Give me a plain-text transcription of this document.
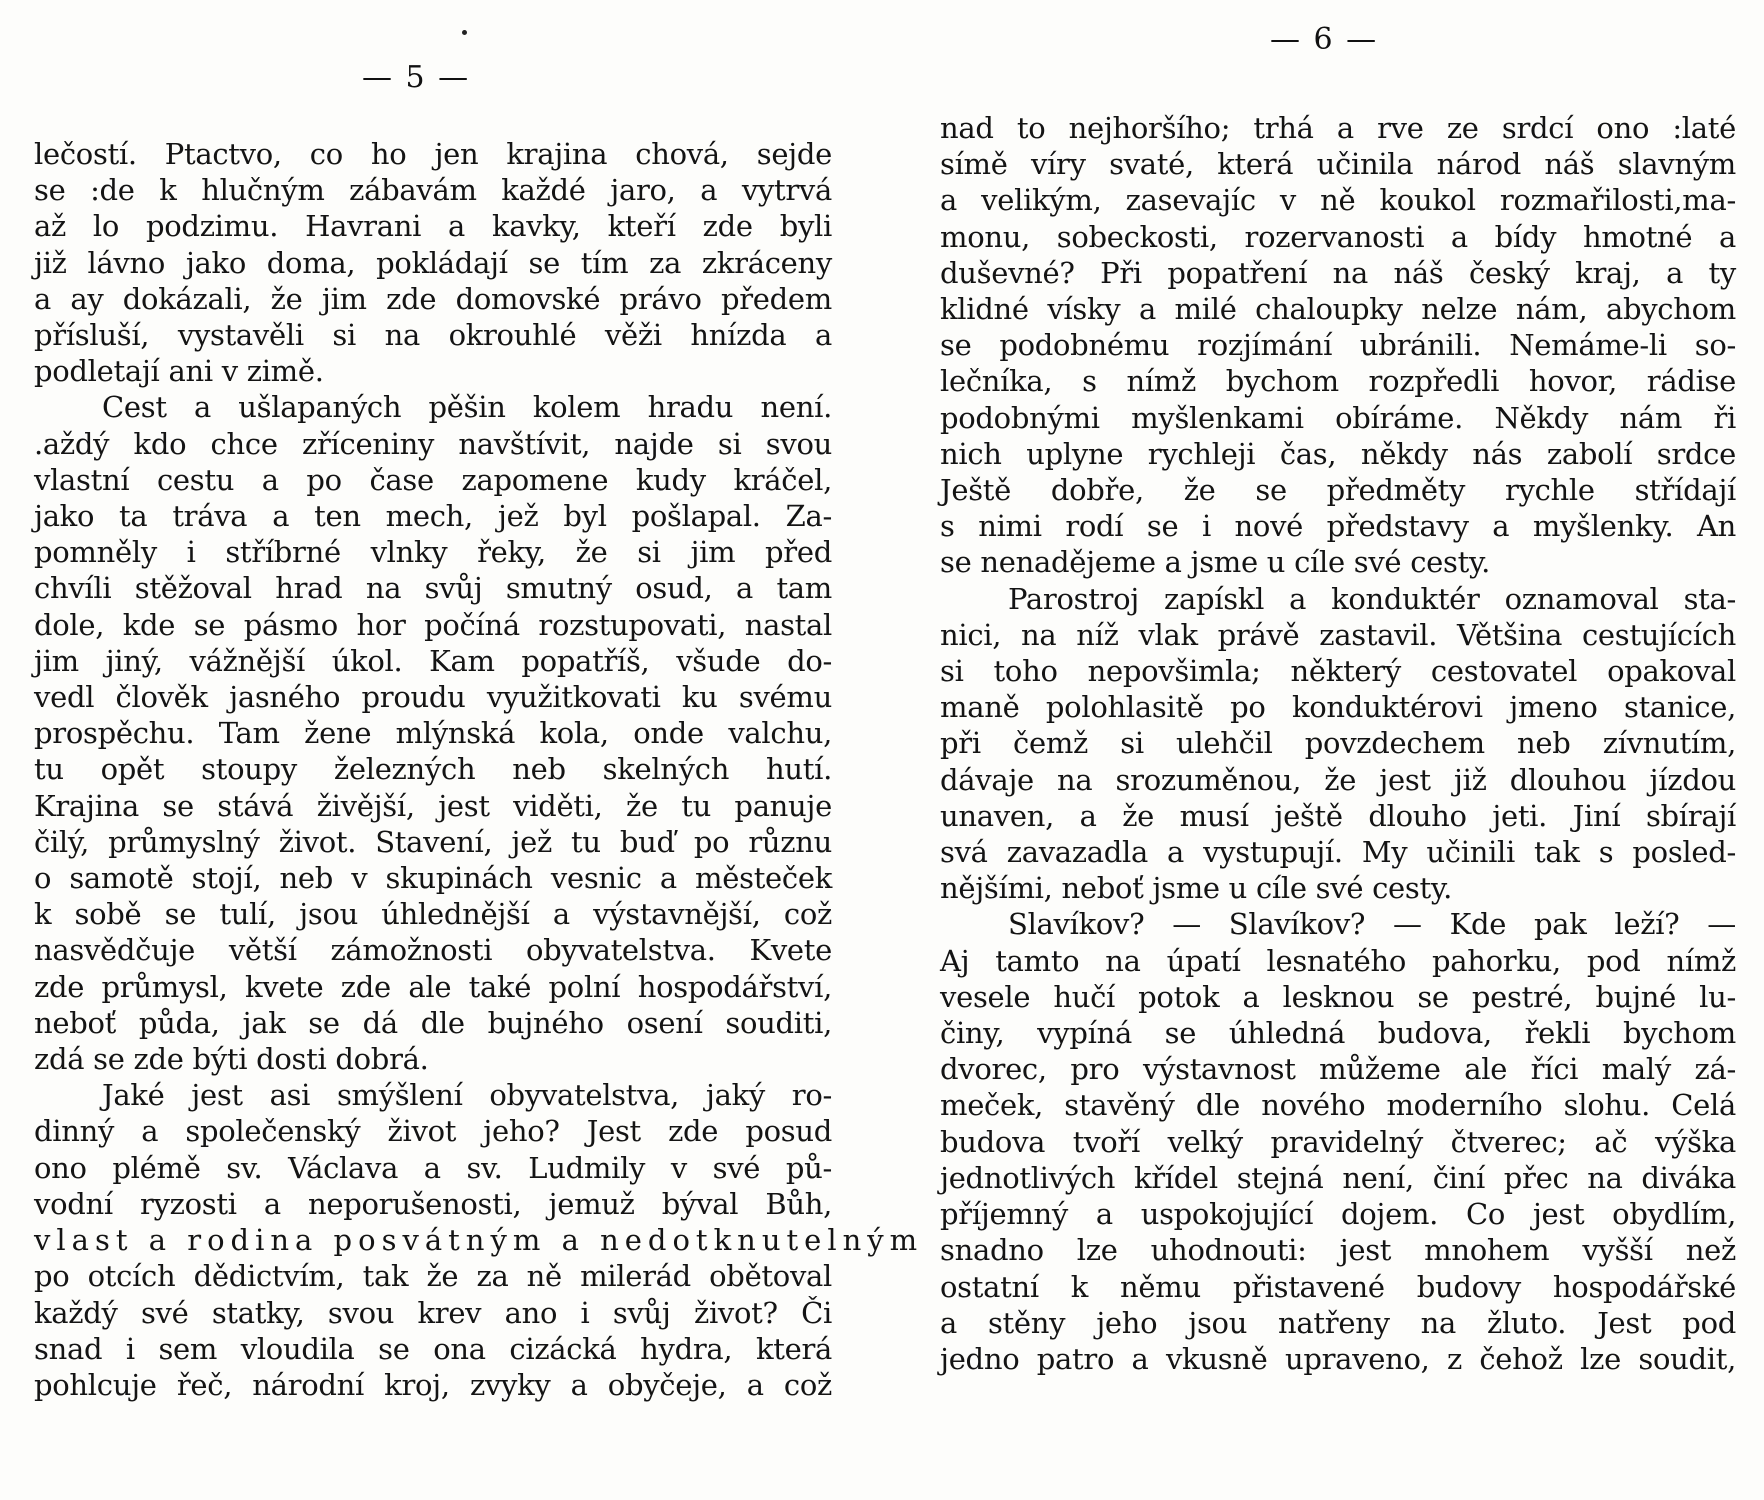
— 5 —
— 6 —
lečostí. Ptactvo, co ho jen krajina chová, sejde
se :de k hlučným zábavám každé jaro, a vytrvá
až lo podzimu. Havrani a kavky, kteří zde byli
již lávno jako doma, pokládají se tím za zkráceny
a ay dokázali, že jim zde domovské právo předem
přísluší, vystavěli si na okrouhlé věži hnízda a
podletají ani v zimě.
Cest a ušlapaných pěšin kolem hradu není.
.aždý kdo chce zříceniny navštívit, najde si svou
vlastní cestu a po čase zapomene kudy kráčel,
jako ta tráva a ten mech, jež byl pošlapal. Za-
pomněly i stříbrné vlnky řeky, že si jim před
chvíli stěžoval hrad na svůj smutný osud, a tam
dole, kde se pásmo hor počíná rozstupovati, nastal
jim jiný, vážnější úkol. Kam popatříš, všude do-
vedl člověk jasného proudu využitkovati ku svému
prospěchu. Tam žene mlýnská kola, onde valchu,
tu opět stoupy železných neb skelných hutí.
Krajina se stává živější, jest viděti, že tu panuje
čilý, průmyslný život. Stavení, jež tu buď po různu
o samotě stojí, neb v skupinách vesnic a městeček
k sobě se tulí, jsou úhlednější a výstavnější, což
nasvědčuje větší zámožnosti obyvatelstva. Kvete
zde průmysl, kvete zde ale také polní hospodářství,
neboť půda, jak se dá dle bujného osení souditi,
zdá se zde býti dosti dobrá.
Jaké jest asi smýšlení obyvatelstva, jaký ro-
dinný a společenský život jeho? Jest zde posud
ono plémě sv. Václava a sv. Ludmily v své pů-
vodní ryzosti a neporušenosti, jemuž býval Bůh,
vlast a rodina posvátným a nedotknutelným
po otcích dědictvím, tak že za ně milerád obětoval
každý své statky, svou krev ano i svůj život? Či
snad i sem vloudila se ona cizácká hydra, která
pohlcuje řeč, národní kroj, zvyky a obyčeje, a což
nad to nejhoršího; trhá a rve ze srdcí ono :laté
símě víry svaté, která učinila národ náš slavným
a velikým, zasevajíc v ně koukol rozmařilosti,ma-
monu, sobeckosti, rozervanosti a bídy hmotné a
duševné? Při popatření na náš český kraj, a ty
klidné vísky a milé chaloupky nelze nám, abychom
se podobnému rozjímání ubránili. Nemáme-li so-
lečníka, s nímž bychom rozpředli hovor, rádise
podobnými myšlenkami obíráme. Někdy nám ři
nich uplyne rychleji čas, někdy nás zabolí srdce
Ještě dobře, že se předměty rychle střídají
s nimi rodí se i nové představy a myšlenky. An
se nenadějeme a jsme u cíle své cesty.
Parostroj zapískl a konduktér oznamoval sta-
nici, na níž vlak právě zastavil. Většina cestujících
si toho nepovšimla; některý cestovatel opakoval
maně polohlasitě po konduktérovi jmeno stanice,
při čemž si ulehčil povzdechem neb zívnutím,
dávaje na srozuměnou, že jest již dlouhou jízdou
unaven, a že musí ještě dlouho jeti. Jiní sbírají
svá zavazadla a vystupují. My učinili tak s posled-
nějšími, neboť jsme u cíle své cesty.
Slavíkov? — Slavíkov? — Kde pak leží? —
Aj tamto na úpatí lesnatého pahorku, pod nímž
vesele hučí potok a lesknou se pestré, bujné lu-
činy, vypíná se úhledná budova, řekli bychom
dvorec, pro výstavnost můžeme ale říci malý zá-
meček, stavěný dle nového moderního slohu. Celá
budova tvoří velký pravidelný čtverec; ač výška
jednotlivých křídel stejná není, činí přec na diváka
příjemný a uspokojující dojem. Co jest obydlím,
snadno lze uhodnouti: jest mnohem vyšší než
ostatní k němu přistavené budovy hospodářské
a stěny jeho jsou natřeny na žluto. Jest pod
jedno patro a vkusně upraveno, z čehož lze soudit,
